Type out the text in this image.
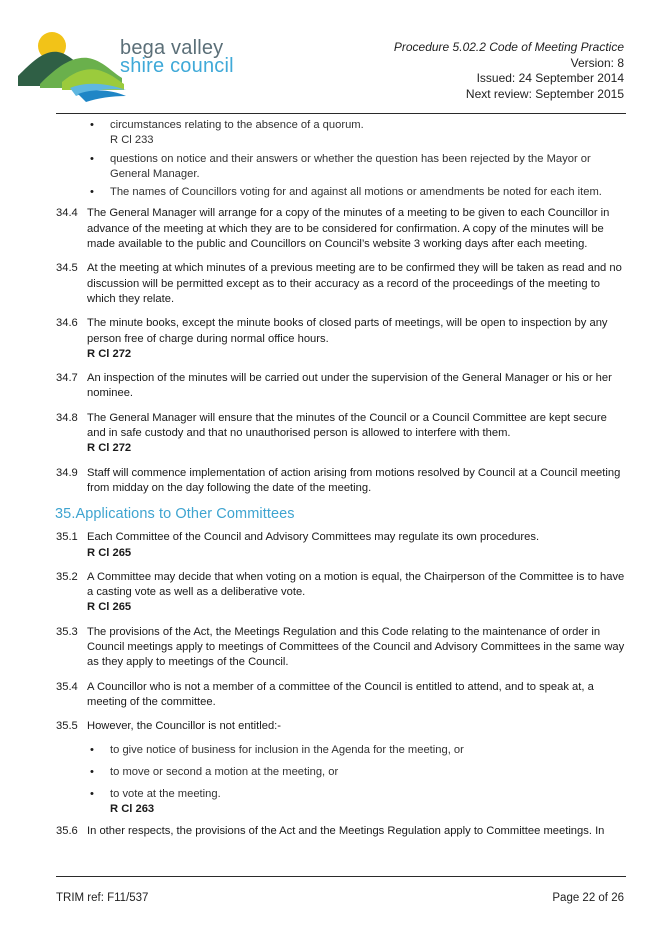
bega valley
shire council
Procedure 5.02.2 Code of Meeting Practice
Version: 8
Issued: 24 September 2014
Next review: September 2015
• circumstances relating to the absence of a quorum.
R Cl 233
• questions on notice and their answers or whether the question has been rejected by the Mayor or General Manager.
• The names of Councillors voting for and against all motions or amendments be noted for each item.
34.4 The General Manager will arrange for a copy of the minutes of a meeting to be given to each Councillor in advance of the meeting at which they are to be considered for confirmation. A copy of the minutes will be made available to the public and Councillors on Council’s website 3 working days after each meeting.
34.5 At the meeting at which minutes of a previous meeting are to be confirmed they will be taken as read and no discussion will be permitted except as to their accuracy as a record of the proceedings of the meeting to which they relate.
34.6 The minute books, except the minute books of closed parts of meetings, will be open to inspection by any person free of charge during normal office hours.
R Cl 272
34.7 An inspection of the minutes will be carried out under the supervision of the General Manager or his or her nominee.
34.8 The General Manager will ensure that the minutes of the Council or a Council Committee are kept secure and in safe custody and that no unauthorised person is allowed to interfere with them.
R Cl 272
34.9 Staff will commence implementation of action arising from motions resolved by Council at a Council meeting from midday on the day following the date of the meeting.
35.Applications to Other Committees
35.1 Each Committee of the Council and Advisory Committees may regulate its own procedures.
R Cl 265
35.2 A Committee may decide that when voting on a motion is equal, the Chairperson of the Committee is to have a casting vote as well as a deliberative vote.
R Cl 265
35.3 The provisions of the Act, the Meetings Regulation and this Code relating to the maintenance of order in Council meetings apply to meetings of Committees of the Council and Advisory Committees in the same way as they apply to meetings of the Council.
35.4 A Councillor who is not a member of a committee of the Council is entitled to attend, and to speak at, a meeting of the committee.
35.5 However, the Councillor is not entitled:-
• to give notice of business for inclusion in the Agenda for the meeting, or
• to move or second a motion at the meeting, or
• to vote at the meeting.
R Cl 263
35.6 In other respects, the provisions of the Act and the Meetings Regulation apply to Committee meetings. In
TRIM ref: F11/537	Page 22 of 26
